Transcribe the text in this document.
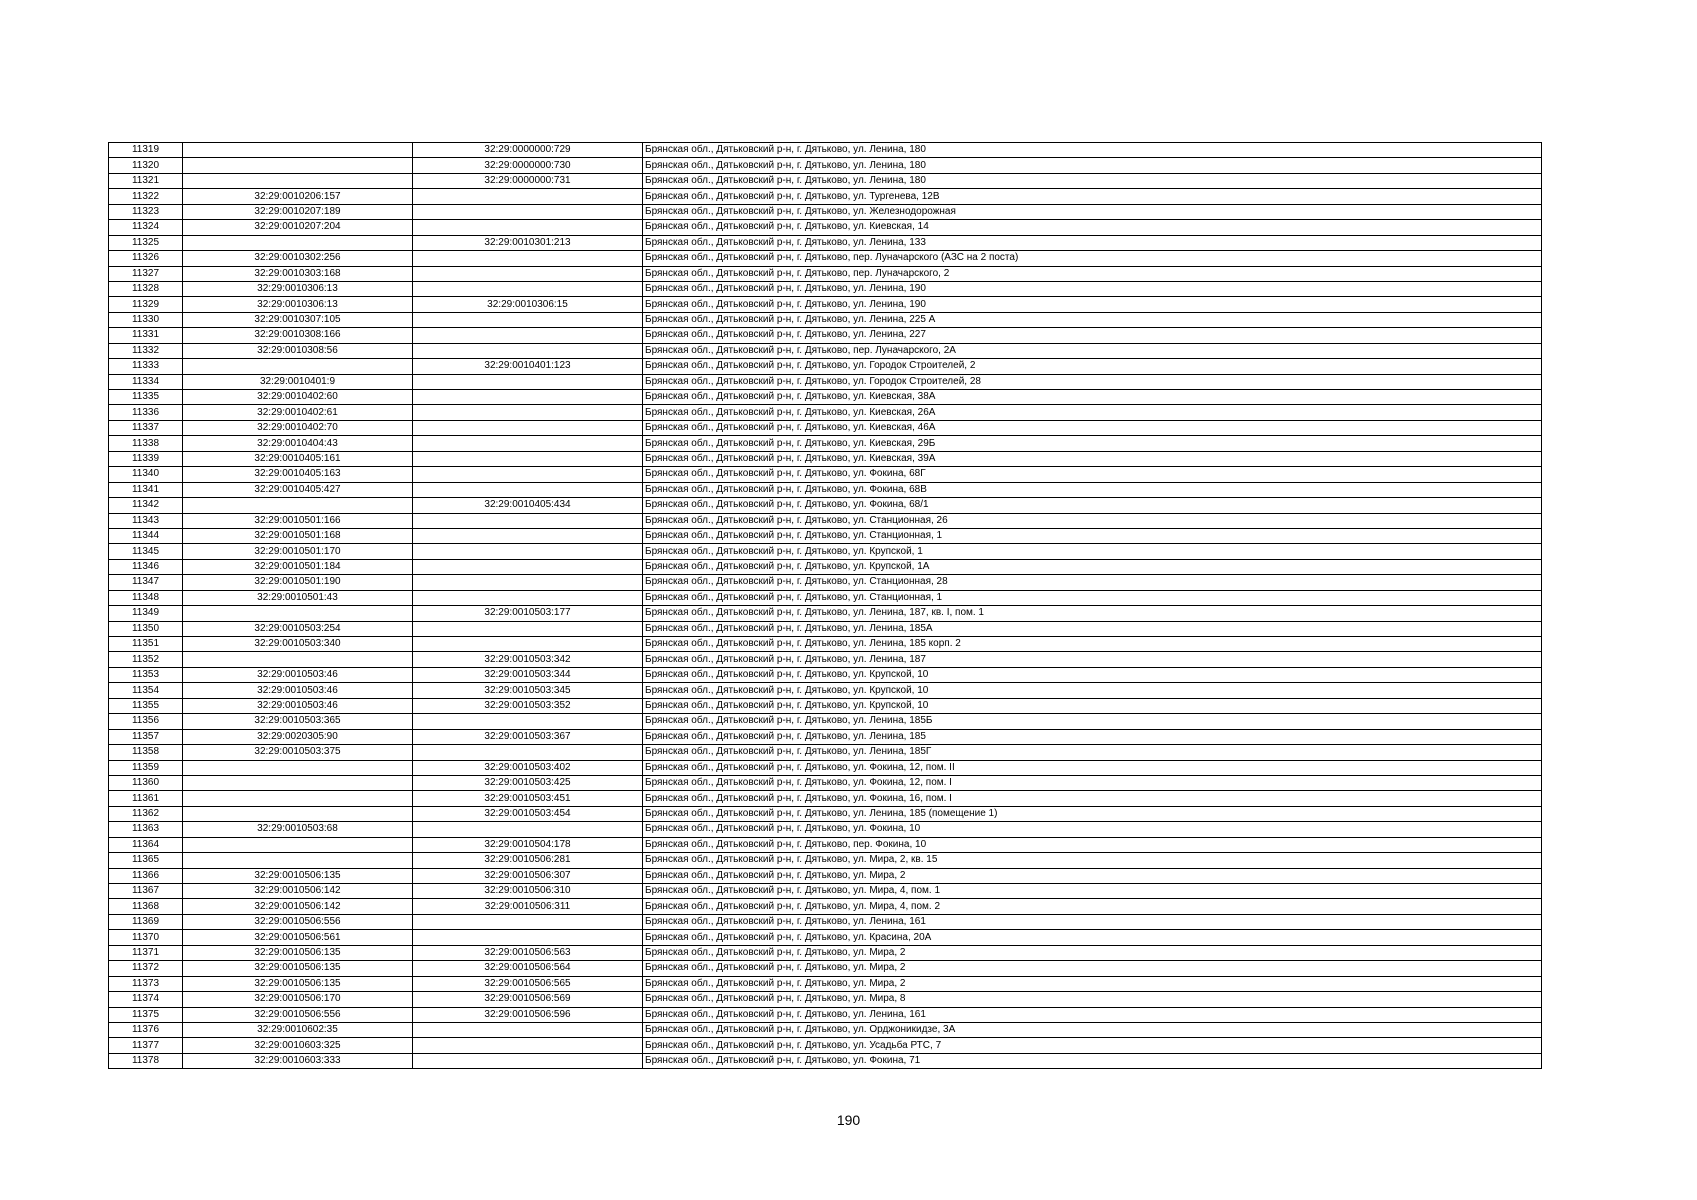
11319		32:29:0000000:729	Брянская обл., Дятьковский р-н, г. Дятьково, ул. Ленина, 180
11320		32:29:0000000:730	Брянская обл., Дятьковский р-н, г. Дятьково, ул. Ленина, 180
11321		32:29:0000000:731	Брянская обл., Дятьковский р-н, г. Дятьково, ул. Ленина, 180
11322	32:29:0010206:157		Брянская обл., Дятьковский р-н, г. Дятьково, ул. Тургенева, 12В
11323	32:29:0010207:189		Брянская обл., Дятьковский р-н, г. Дятьково, ул. Железнодорожная
11324	32:29:0010207:204		Брянская обл., Дятьковский р-н, г. Дятьково, ул. Киевская, 14
11325		32:29:0010301:213	Брянская обл., Дятьковский р-н, г. Дятьково, ул. Ленина, 133
11326	32:29:0010302:256		Брянская обл., Дятьковский р-н, г. Дятьково, пер. Луначарского (АЗС на 2 поста)
11327	32:29:0010303:168		Брянская обл., Дятьковский р-н, г. Дятьково, пер. Луначарского, 2
11328	32:29:0010306:13		Брянская обл., Дятьковский р-н, г. Дятьково, ул. Ленина, 190
11329	32:29:0010306:13	32:29:0010306:15	Брянская обл., Дятьковский р-н, г. Дятьково, ул. Ленина, 190
11330	32:29:0010307:105		Брянская обл., Дятьковский р-н, г. Дятьково, ул. Ленина, 225 А
11331	32:29:0010308:166		Брянская обл., Дятьковский р-н, г. Дятьково, ул. Ленина, 227
11332	32:29:0010308:56		Брянская обл., Дятьковский р-н, г. Дятьково, пер. Луначарского, 2А
11333		32:29:0010401:123	Брянская обл., Дятьковский р-н, г. Дятьково, ул. Городок Строителей, 2
11334	32:29:0010401:9		Брянская обл., Дятьковский р-н, г. Дятьково, ул. Городок Строителей, 28
11335	32:29:0010402:60		Брянская обл., Дятьковский р-н, г. Дятьково, ул. Киевская, 38А
11336	32:29:0010402:61		Брянская обл., Дятьковский р-н, г. Дятьково, ул. Киевская, 26А
11337	32:29:0010402:70		Брянская обл., Дятьковский р-н, г. Дятьково, ул. Киевская, 46А
11338	32:29:0010404:43		Брянская обл., Дятьковский р-н, г. Дятьково, ул. Киевская, 29Б
11339	32:29:0010405:161		Брянская обл., Дятьковский р-н, г. Дятьково, ул. Киевская, 39А
11340	32:29:0010405:163		Брянская обл., Дятьковский р-н, г. Дятьково, ул. Фокина, 68Г
11341	32:29:0010405:427		Брянская обл., Дятьковский р-н, г. Дятьково, ул. Фокина, 68В
11342		32:29:0010405:434	Брянская обл., Дятьковский р-н, г. Дятьково, ул. Фокина, 68/1
11343	32:29:0010501:166		Брянская обл., Дятьковский р-н, г. Дятьково, ул. Станционная, 26
11344	32:29:0010501:168		Брянская обл., Дятьковский р-н, г. Дятьково, ул. Станционная, 1
11345	32:29:0010501:170		Брянская обл., Дятьковский р-н, г. Дятьково, ул. Крупской, 1
11346	32:29:0010501:184		Брянская обл., Дятьковский р-н, г. Дятьково, ул. Крупской, 1А
11347	32:29:0010501:190		Брянская обл., Дятьковский р-н, г. Дятьково, ул. Станционная, 28
11348	32:29:0010501:43		Брянская обл., Дятьковский р-н, г. Дятьково, ул. Станционная, 1
11349		32:29:0010503:177	Брянская обл., Дятьковский р-н, г. Дятьково, ул. Ленина, 187, кв. I, пом. 1
11350	32:29:0010503:254		Брянская обл., Дятьковский р-н, г. Дятьково, ул. Ленина, 185А
11351	32:29:0010503:340		Брянская обл., Дятьковский р-н, г. Дятьково, ул. Ленина, 185 корп. 2
11352		32:29:0010503:342	Брянская обл., Дятьковский р-н, г. Дятьково, ул. Ленина, 187
11353	32:29:0010503:46	32:29:0010503:344	Брянская обл., Дятьковский р-н, г. Дятьково, ул. Крупской, 10
11354	32:29:0010503:46	32:29:0010503:345	Брянская обл., Дятьковский р-н, г. Дятьково, ул. Крупской, 10
11355	32:29:0010503:46	32:29:0010503:352	Брянская обл., Дятьковский р-н, г. Дятьково, ул. Крупской, 10
11356	32:29:0010503:365		Брянская обл., Дятьковский р-н, г. Дятьково, ул. Ленина, 185Б
11357	32:29:0020305:90	32:29:0010503:367	Брянская обл., Дятьковский р-н, г. Дятьково, ул. Ленина, 185
11358	32:29:0010503:375		Брянская обл., Дятьковский р-н, г. Дятьково, ул. Ленина, 185Г
11359		32:29:0010503:402	Брянская обл., Дятьковский р-н, г. Дятьково, ул. Фокина, 12, пом. II
11360		32:29:0010503:425	Брянская обл., Дятьковский р-н, г. Дятьково, ул. Фокина, 12, пом. I
11361		32:29:0010503:451	Брянская обл., Дятьковский р-н, г. Дятьково, ул. Фокина, 16, пом. I
11362		32:29:0010503:454	Брянская обл., Дятьковский р-н, г. Дятьково, ул. Ленина, 185 (помещение 1)
11363	32:29:0010503:68		Брянская обл., Дятьковский р-н, г. Дятьково, ул. Фокина, 10
11364		32:29:0010504:178	Брянская обл., Дятьковский р-н, г. Дятьково, пер. Фокина, 10
11365		32:29:0010506:281	Брянская обл., Дятьковский р-н, г. Дятьково, ул. Мира, 2, кв. 15
11366	32:29:0010506:135	32:29:0010506:307	Брянская обл., Дятьковский р-н, г. Дятьково, ул. Мира, 2
11367	32:29:0010506:142	32:29:0010506:310	Брянская обл., Дятьковский р-н, г. Дятьково, ул. Мира, 4, пом. 1
11368	32:29:0010506:142	32:29:0010506:311	Брянская обл., Дятьковский р-н, г. Дятьково, ул. Мира, 4, пом. 2
11369	32:29:0010506:556		Брянская обл., Дятьковский р-н, г. Дятьково, ул. Ленина, 161
11370	32:29:0010506:561		Брянская обл., Дятьковский р-н, г. Дятьково, ул. Красина, 20А
11371	32:29:0010506:135	32:29:0010506:563	Брянская обл., Дятьковский р-н, г. Дятьково, ул. Мира, 2
11372	32:29:0010506:135	32:29:0010506:564	Брянская обл., Дятьковский р-н, г. Дятьково, ул. Мира, 2
11373	32:29:0010506:135	32:29:0010506:565	Брянская обл., Дятьковский р-н, г. Дятьково, ул. Мира, 2
11374	32:29:0010506:170	32:29:0010506:569	Брянская обл., Дятьковский р-н, г. Дятьково, ул. Мира, 8
11375	32:29:0010506:556	32:29:0010506:596	Брянская обл., Дятьковский р-н, г. Дятьково, ул. Ленина, 161
11376	32:29:0010602:35		Брянская обл., Дятьковский р-н, г. Дятьково, ул. Орджоникидзе, 3А
11377	32:29:0010603:325		Брянская обл., Дятьковский р-н, г. Дятьково, ул. Усадьба РТС, 7
11378	32:29:0010603:333		Брянская обл., Дятьковский р-н, г. Дятьково, ул. Фокина, 71
190
